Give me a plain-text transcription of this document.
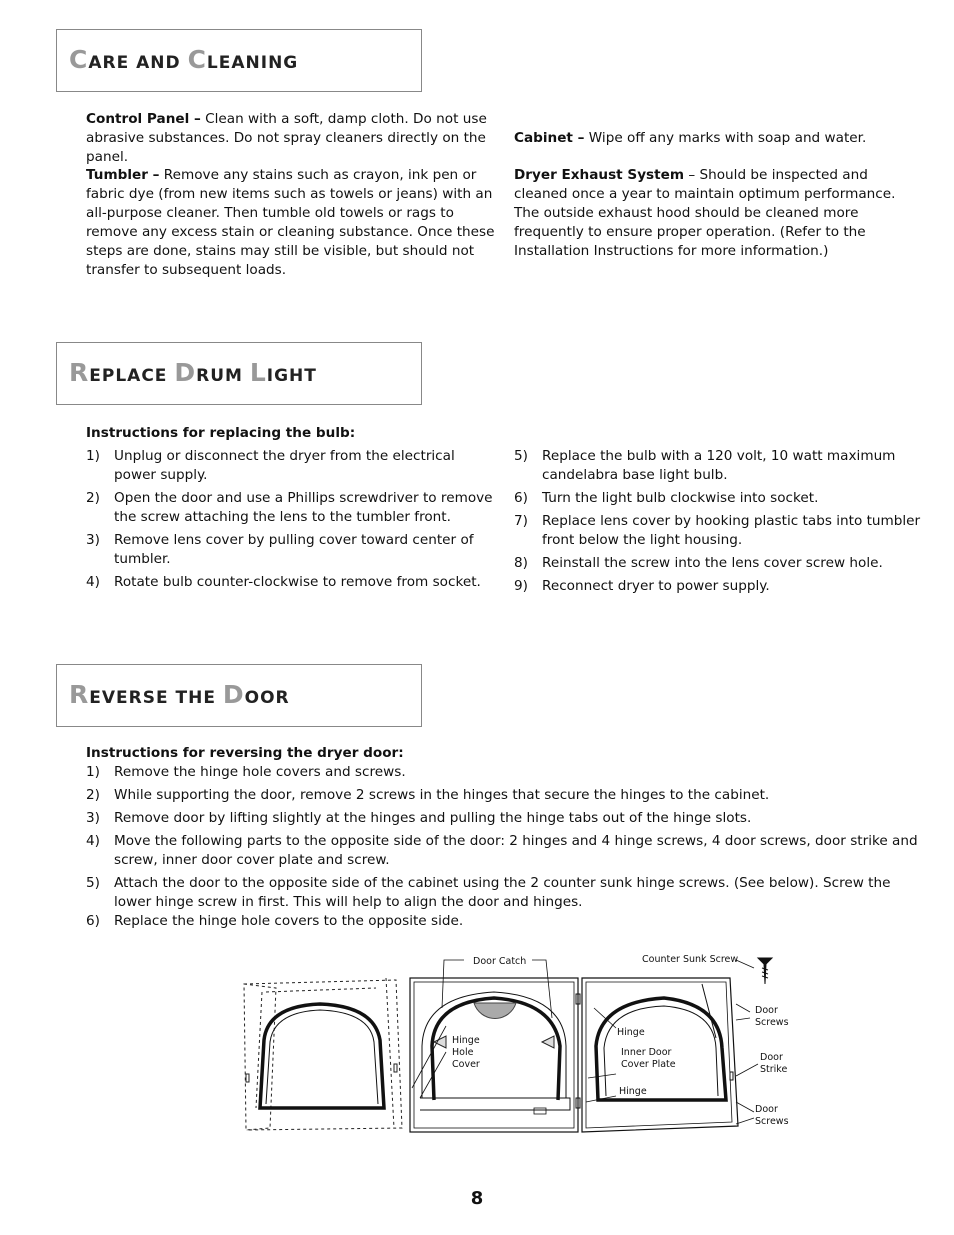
CARE AND CLEANING

Control Panel – Clean with a soft, damp cloth. Do not use abrasive substances. Do not spray cleaners directly on the panel.

Tumbler – Remove any stains such as crayon, ink pen or fabric dye (from new items such as towels or jeans) with an all-purpose cleaner. Then tumble old towels or rags to remove any excess stain or cleaning substance. Once these steps are done, stains may still be visible, but should not transfer to subsequent loads.

Cabinet – Wipe off any marks with soap and water.

Dryer Exhaust System – Should be inspected and cleaned once a year to maintain optimum performance. The outside exhaust hood should be cleaned more frequently to ensure proper operation. (Refer to the Installation Instructions for more information.)

REPLACE DRUM LIGHT

Instructions for replacing the bulb:

1) Unplug or disconnect the dryer from the electrical power supply.
2) Open the door and use a Phillips screwdriver to remove the screw attaching the lens to the tumbler front.
3) Remove lens cover by pulling cover toward center of tumbler.
4) Rotate bulb counter-clockwise to remove from socket.
5) Replace the bulb with a 120 volt, 10 watt maximum candelabra base light bulb.
6) Turn the light bulb clockwise into socket.
7) Replace lens cover by hooking plastic tabs into tumbler front below the light housing.
8) Reinstall the screw into the lens cover screw hole.
9) Reconnect dryer to power supply.
REVERSE THE DOOR

Instructions for reversing the dryer door:

1) Remove the hinge hole covers and screws.
2) While supporting the door, remove 2 screws in the hinges that secure the hinges to the cabinet.
3) Remove door by lifting slightly at the hinges and pulling the hinge tabs out of the hinge slots.
4) Move the following parts to the opposite side of the door: 2 hinges and 4 hinge screws, 4 door screws, door strike and screw, inner door cover plate and screw.
5) Attach the door to the opposite side of the cabinet using the 2 counter sunk hinge screws. (See below). Screw the lower hinge screw in first. This will help to align the door and hinges.
6) Replace the hinge hole covers to the opposite side.
Door Catch
Hinge
Hole
Cover
Counter Sunk Screw
Hinge
Inner Door
Cover Plate
Hinge
Door
Screws
Door
Strike
Door
Screws
8
